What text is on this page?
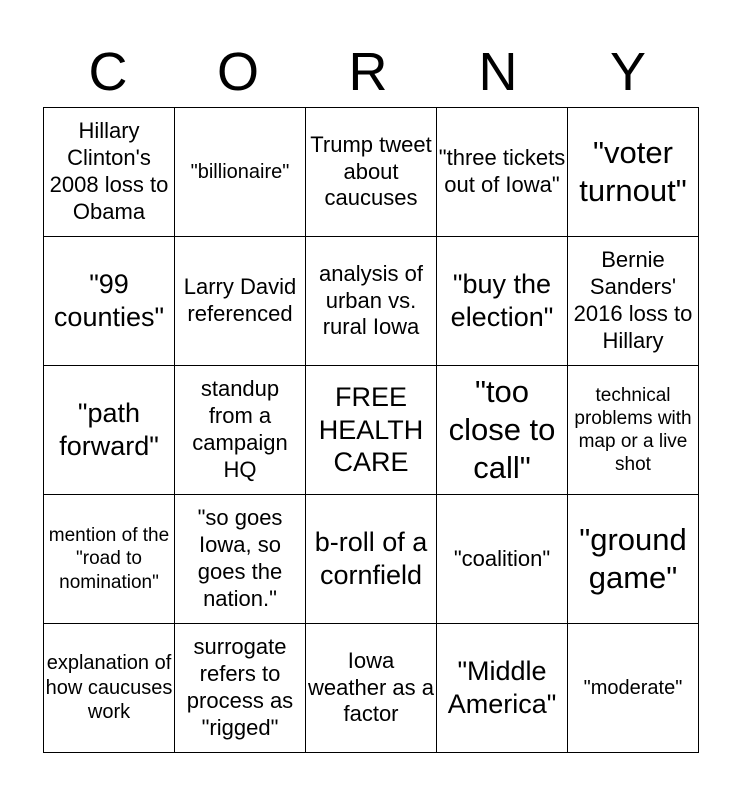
C	O	R	N	Y
Hillary Clinton's 2008 loss to Obama	"billionaire"	Trump tweet about caucuses	"three tickets out of Iowa"	"voter turnout"
"99 counties"	Larry David referenced	analysis of urban vs. rural Iowa	"buy the election"	Bernie Sanders' 2016 loss to Hillary
"path forward"	standup from a campaign HQ	FREE HEALTH CARE	"too close to call"	technical problems with map or a live shot
mention of the "road to nomination"	"so goes Iowa, so goes the nation."	b-roll of a cornfield	"coalition"	"ground game"
explanation of how caucuses work	surrogate refers to process as "rigged"	Iowa weather as a factor	"Middle America"	"moderate"
